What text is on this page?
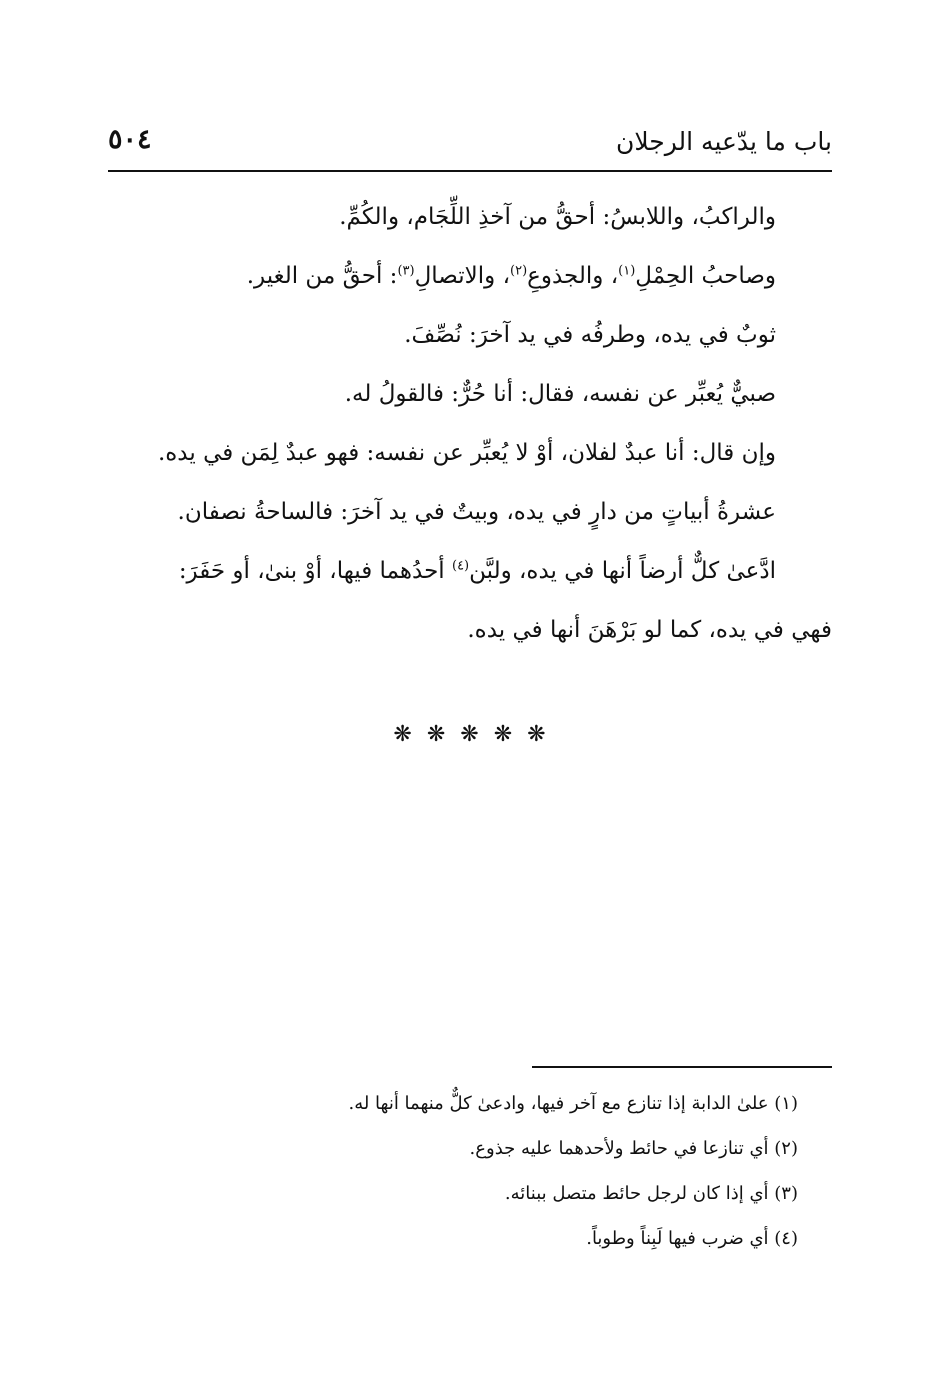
باب ما يدّعيه الرجلان
٥٠٤

والراكبُ، واللابسُ: أحقُّ من آخذِ اللِّجَام، والكُمِّ.

وصاحبُ الحِمْلِ$^{(١)}$، والجذوعِ$^{(٢)}$، والاتصالِ$^{(٣)}$: أحقُّ من الغير.

ثوبٌ في يده، وطرفُه في يد آخرَ: نُصِّفَ.

صبيٌّ يُعبِّر عن نفسه، فقال: أنا حُرٌّ: فالقولُ له.

وإن قال: أنا عبدٌ لفلان، أوْ لا يُعبِّر عن نفسه: فهو عبدٌ لِمَن في يده.

عشرةُ أبياتٍ من دارٍ في يده، وبيتٌ في يد آخرَ: فالساحةُ نصفان.

ادَّعىٰ كلٌّ أرضاً أنها في يده، ولبَّن$^{(٤)}$ أحدُهما فيها، أوْ بنىٰ، أو حَفَرَ:
فهي في يده، كما لو بَرْهَنَ أنها في يده.

❋ ❋ ❋ ❋ ❋

(١) علىٰ الدابة إذا تنازع مع آخر فيها، وادعىٰ كلٌّ منهما أنها له.

(٢) أي تنازعا في حائط ولأحدهما عليه جذوع.

(٣) أي إذا كان لرجل حائط متصل ببنائه.

(٤) أي ضرب فيها لَبِناً وطوباً.
